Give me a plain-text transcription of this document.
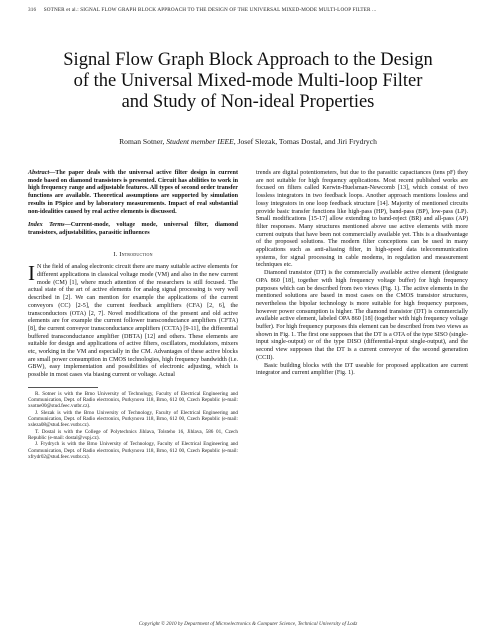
316 SOTNER et al.: SIGNAL FLOW GRAPH BLOCK APPROACH TO THE DESIGN OF THE UNIVERSAL MIXED-MODE MULTI-LOOP FILTER ...
Signal Flow Graph Block Approach to the Design
of the Universal Mixed-mode Multi-loop Filter
and Study of Non-ideal Properties
Roman Sotner, Student member IEEE, Josef Slezak, Tomas Dostal, and Jiri Frydrych

Abstract—The paper deals with the universal active filter design in current mode based on diamond transistors is presented. Circuit has abilities to work in high frequency range and adjustable features. All types of second order transfer functions are available. Theoretical assumptions are supported by simulation results in PSpice and by laboratory measurements. Impact of real substantial non-idealities caused by real active elements is discussed.

Index Terms—Current-mode, voltage mode, universal filter, diamond transistors, adjustabilities, parasitic influences

I. Introduction

I N the field of analog electronic circuit there are many suitable active elements for different applications in classical voltage mode (VM) and also in the new current mode (CM) [1], where much attention of the researchers is still focused. The actual state of the art of active elements for analog signal processing is very well described in [2]. We can mention for example the applications of the current conveyors (CC) [2-5], the current feedback amplifiers (CFA) [2, 6], the transconductors (OTA) [2, 7]. Novel modifications of the present and old active elements are for example the current follower transconductance amplifiers (CFTA) [8], the current conveyor transconductance amplifiers (CCTA) [9-11], the differential buffered transconductance amplifier (DBTA) [12] and others. These elements are suitable for design and applications of active filters, oscillators, modulators, mixers etc, working in the VM and especially in the CM. Advantages of these active blocks are small power consumption in CMOS technologies, high frequency bandwidth (i.e. GBW), easy implementation and possibilities of electronic adjusting, which is possible in most cases via biasing current or voltage. Actual

R. Sotner is with the Brno University of Technology, Faculty of Electrical Engineering and Communication, Dept. of Radio electronics, Purkynova 118, Brno, 612 00, Czech Republic (e-mail: xsotne00@stud.feec.vutbr.cz).

J. Slezak is with the Brno University of Technology, Faculty of Electrical Engineering and Communication, Dept. of Radio electronics, Purkynova 118, Brno, 612 00, Czech Republic (e-mail: xsleza08@stud.feec.vutbr.cz).

T. Dostal is with the College of Polytechnics Jihlava, Tolsteho 16, Jihlava, 586 01, Czech Republic (e-mail: dostal@vspj.cz).

J. Frydrych is with the Brno University of Technology, Faculty of Electrical Engineering and Communication, Dept. of Radio electronics, Purkynova 118, Brno, 612 00, Czech Republic (e-mail: xfrydr02@stud.feec.vutbr.cz).

trends are digital potentiometers, but due to the parasitic capacitances (tens pF) they are not suitable for high frequency applications. Most recent published works are focused on filters called Kerwin-Huelsman-Newcomb [13], which consist of two lossless integrators in two feedback loops. Another approach mentions lossless and lossy integrators in one loop feedback structure [14]. Majority of mentioned circuits provide basic transfer functions like high-pass (HP), band-pass (BP), low-pass (LP). Small modifications [15-17] allow extending to band-reject (BR) and all-pass (AP) filter responses. Many structures mentioned above use active elements with more current outputs that have been not commercially available yet. This is a disadvantage of the proposed solutions. The modern filter conceptions can be used in many applications such as anti-aliasing filter, in high-speed data telecommunication systems, for signal processing in cable modems, in regulation and measurement techniques etc.

Diamond transistor (DT) is the commercially available active element (designate OPA 860 [18], together with high frequency voltage buffer) for high frequency purposes which can be described from two views (Fig. 1). The active elements in the mentioned solutions are based in most cases on the CMOS transistor structures, nevertheless the bipolar technology is more suitable for high frequency purposes, however power consumption is higher. The diamond transistor (DT) is commercially available active element, labeled OPA 860 [18] (together with high frequency voltage buffer). For high frequency purposes this element can be described from two views as shown in Fig. 1. The first one supposes that the DT is a OTA of the type SISO (single-input single-output) or of the type DISO (differential-input single-output), and the second view supposes that the DT is a current conveyor of the second generation (CCII).

Basic building blocks with the DT useable for proposed application are current integrator and current amplifier (Fig. 1).

Copyright © 2010 by Department of Microelectronics & Computer Science, Technical University of Lodz
